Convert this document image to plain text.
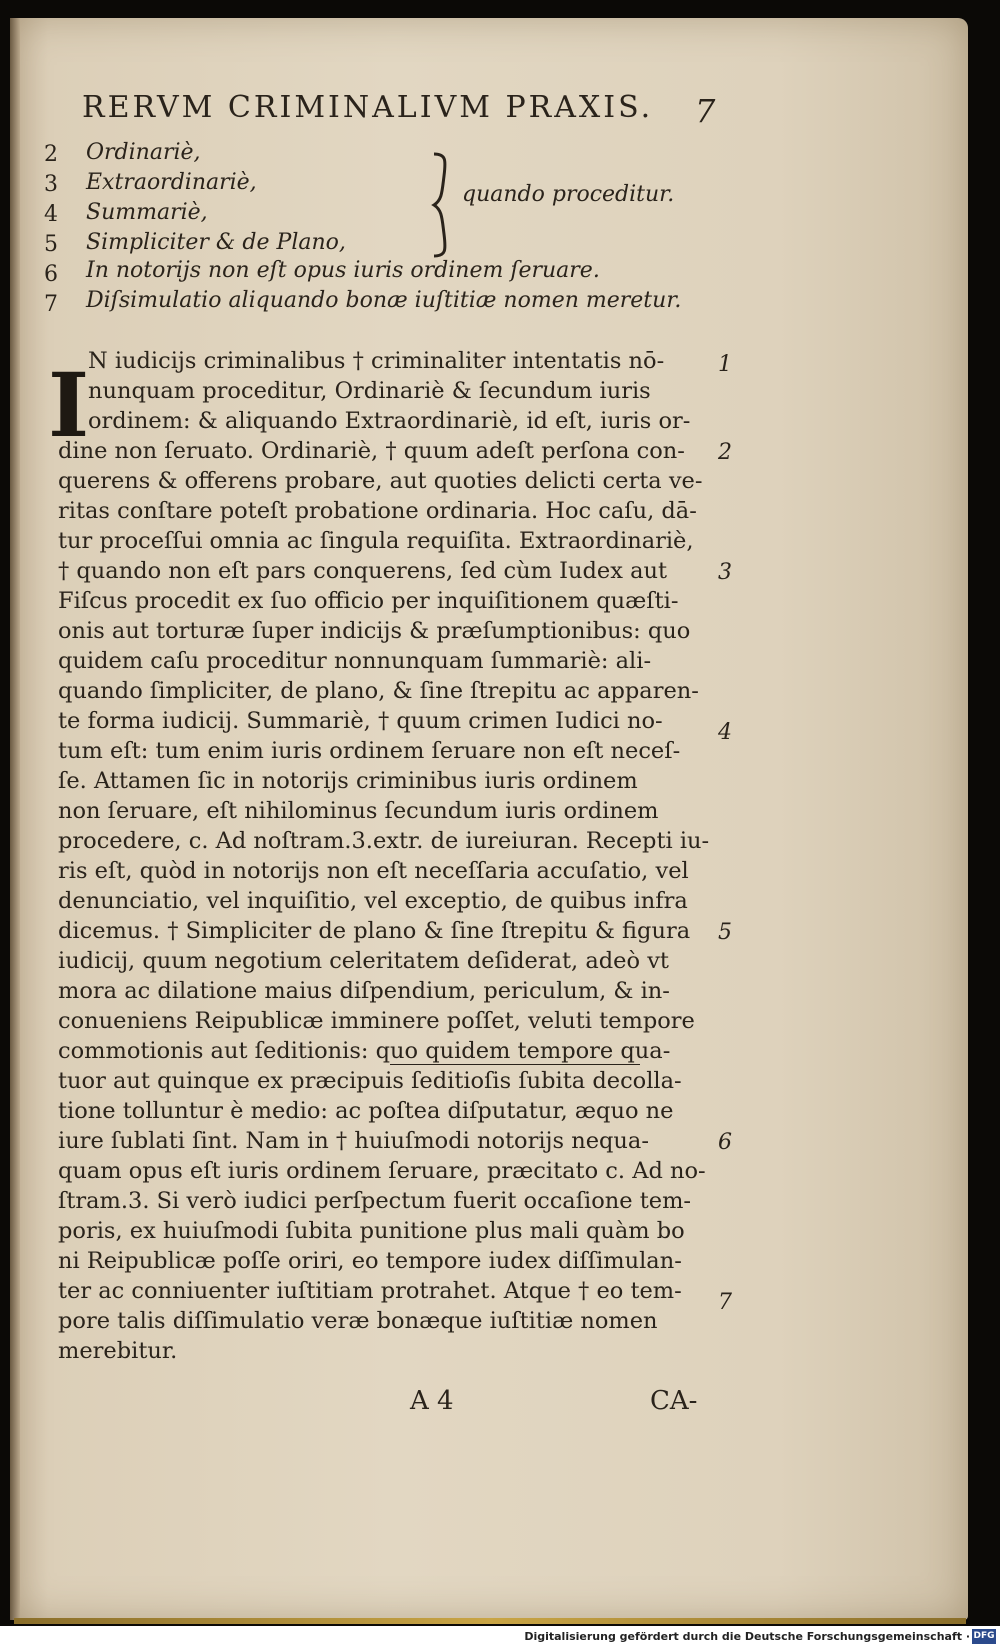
RERVM CRIMINALIVM PRAXIS.	7
2	Ordinariè,
3	Extraordinariè,
4	Summariè,
5	Simpliciter & de Plano,
6	In notorijs non eſt opus iuris ordinem ſeruare.
7	Diſsimulatio aliquando bonæ iuſtitiæ nomen meretur.
quando proceditur.
I
N iudicijs criminalibus † criminaliter intentatis nō-
nunquam proceditur, Ordinariè & ſecundum iuris
ordinem: & aliquando Extraordinariè, id eſt, iuris or-
dine non ſeruato. Ordinariè, † quum adeſt perſona con-
querens & offerens probare, aut quoties delicti certa ve-
ritas conſtare poteſt probatione ordinaria. Hoc caſu, dā-
tur proceſſui omnia ac ſingula requiſita. Extraordinariè,
† quando non eſt pars conquerens, ſed cùm Iudex aut
Fiſcus procedit ex ſuo officio per inquiſitionem quæſti-
onis aut torturæ ſuper indicijs & præſumptionibus: quo
quidem caſu proceditur nonnunquam ſummariè: ali-
quando ſimpliciter, de plano, & ſine ſtrepitu ac apparen-
te forma iudicij. Summariè, † quum crimen Iudici no-
tum eſt: tum enim iuris ordinem ſeruare non eſt neceſ-
ſe. Attamen ſic in notorijs criminibus iuris ordinem
non ſeruare, eſt nihilominus ſecundum iuris ordinem
procedere, c. Ad noſtram.3.extr. de iureiuran. Recepti iu-
ris eſt, quòd in notorijs non eſt neceſſaria accuſatio, vel
denunciatio, vel inquiſitio, vel exceptio, de quibus infra
dicemus. † Simpliciter de plano & ſine ſtrepitu & figura
iudicij, quum negotium celeritatem deſiderat, adeò vt
mora ac dilatione maius diſpendium, periculum, & in-
conueniens Reipublicæ imminere poſſet, veluti tempore
commotionis aut ſeditionis: quo quidem tempore qua-
tuor aut quinque ex præcipuis ſeditioſis ſubita decolla-
tione tolluntur è medio: ac poſtea diſputatur, æquo ne
iure ſublati ſint. Nam in † huiuſmodi notorijs nequa-
quam opus eſt iuris ordinem ſeruare, præcitato c. Ad no-
ſtram.3. Si verò iudici perſpectum fuerit occaſione tem-
poris, ex huiuſmodi ſubita punitione plus mali quàm bo
ni Reipublicæ poſſe oriri, eo tempore iudex diſſimulan-
ter ac conniuenter iuſtitiam protrahet. Atque † eo tem-
pore talis diſſimulatio veræ bonæque iuſtitiæ nomen
merebitur.
1
2
3
4
5
6
7
A 4	CA-
Digitalisierung gefördert durch die Deutsche Forschungsgemeinschaft · DFG
